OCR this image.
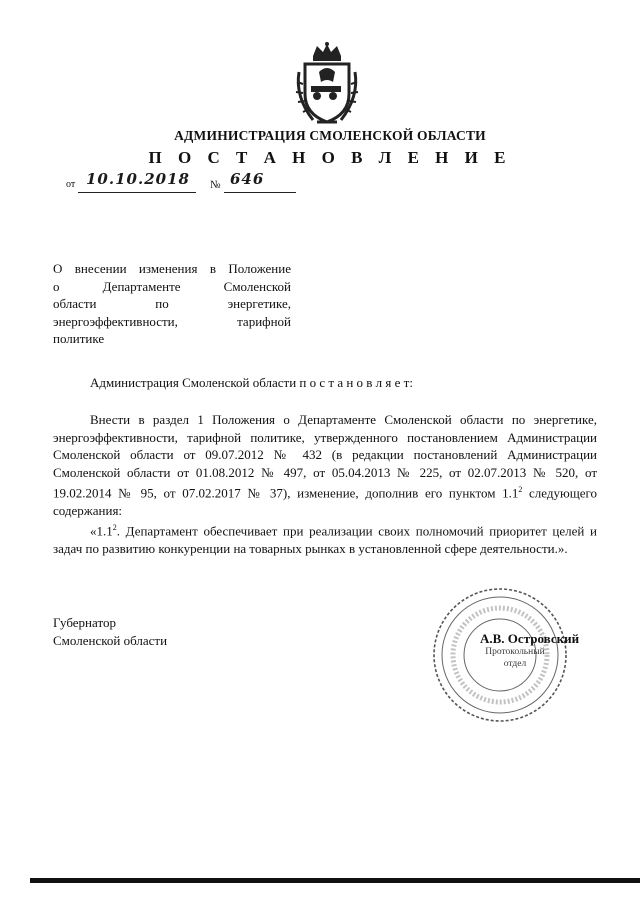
АДМИНИСТРАЦИЯ СМОЛЕНСКОЙ ОБЛАСТИ
П О С Т А Н О В Л Е Н И Е
от 10.10.2018 № 646
О внесении изменения в Положение
о Департаменте Смоленской
области по энергетике,
энергоэффективности, тарифной
политике
Администрация Смоленской области п о с т а н о в л я е т:

Внести в раздел 1 Положения о Департаменте Смоленской области по энергетике, энергоэффективности, тарифной политике, утвержденного постановлением Администрации Смоленской области от 09.07.2012 № 432 (в редакции постановлений Администрации Смоленской области от 01.08.2012 № 497, от 05.04.2013 № 225, от 02.07.2013 № 520, от 19.02.2014 № 95, от 07.02.2017 № 37), изменение, дополнив его пунктом $1.1^2$ следующего содержания:

«$1.1^2$. Департамент обеспечивает при реализации своих полномочий приоритет целей и задач по развитию конкуренции на товарных рынках в установленной сфере деятельности.».

Губернатор
Смоленской области	А.В. Островский
Протокольный
отдел
